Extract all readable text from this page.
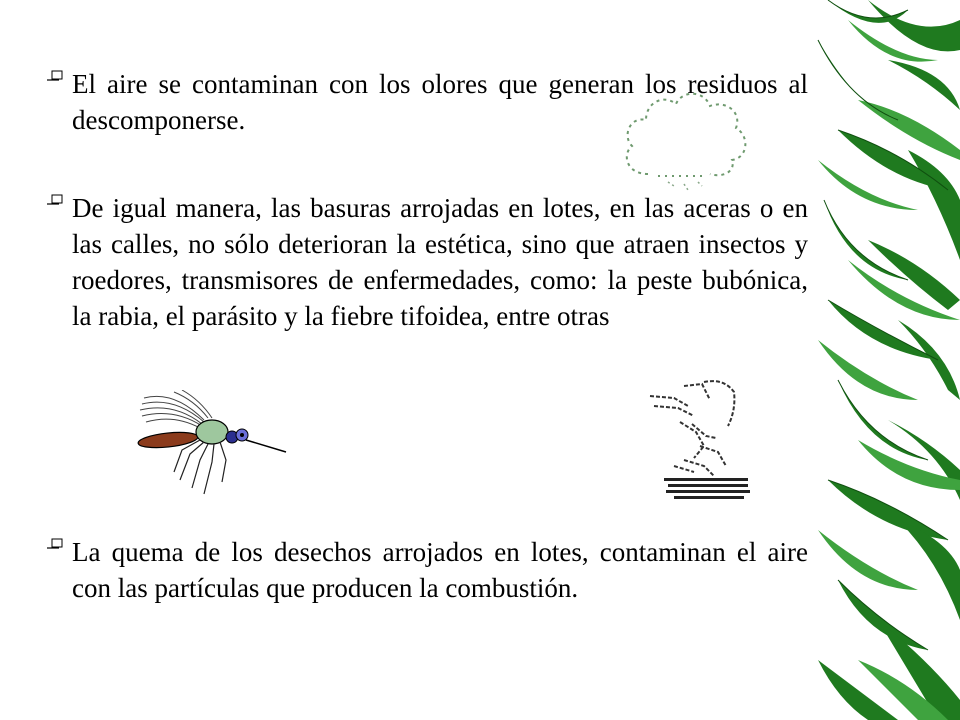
El aire se contaminan con los olores que generan los residuos al descomponerse.
De igual manera, las basuras arrojadas en lotes, en las aceras o en las calles, no sólo deterioran la estética, sino que atraen insectos y roedores, transmisores de enfermedades, como: la peste bubónica, la rabia, el parásito y la fiebre tifoidea, entre otras
La quema de los desechos arrojados en lotes, contaminan el aire con las partículas que producen la combustión.
